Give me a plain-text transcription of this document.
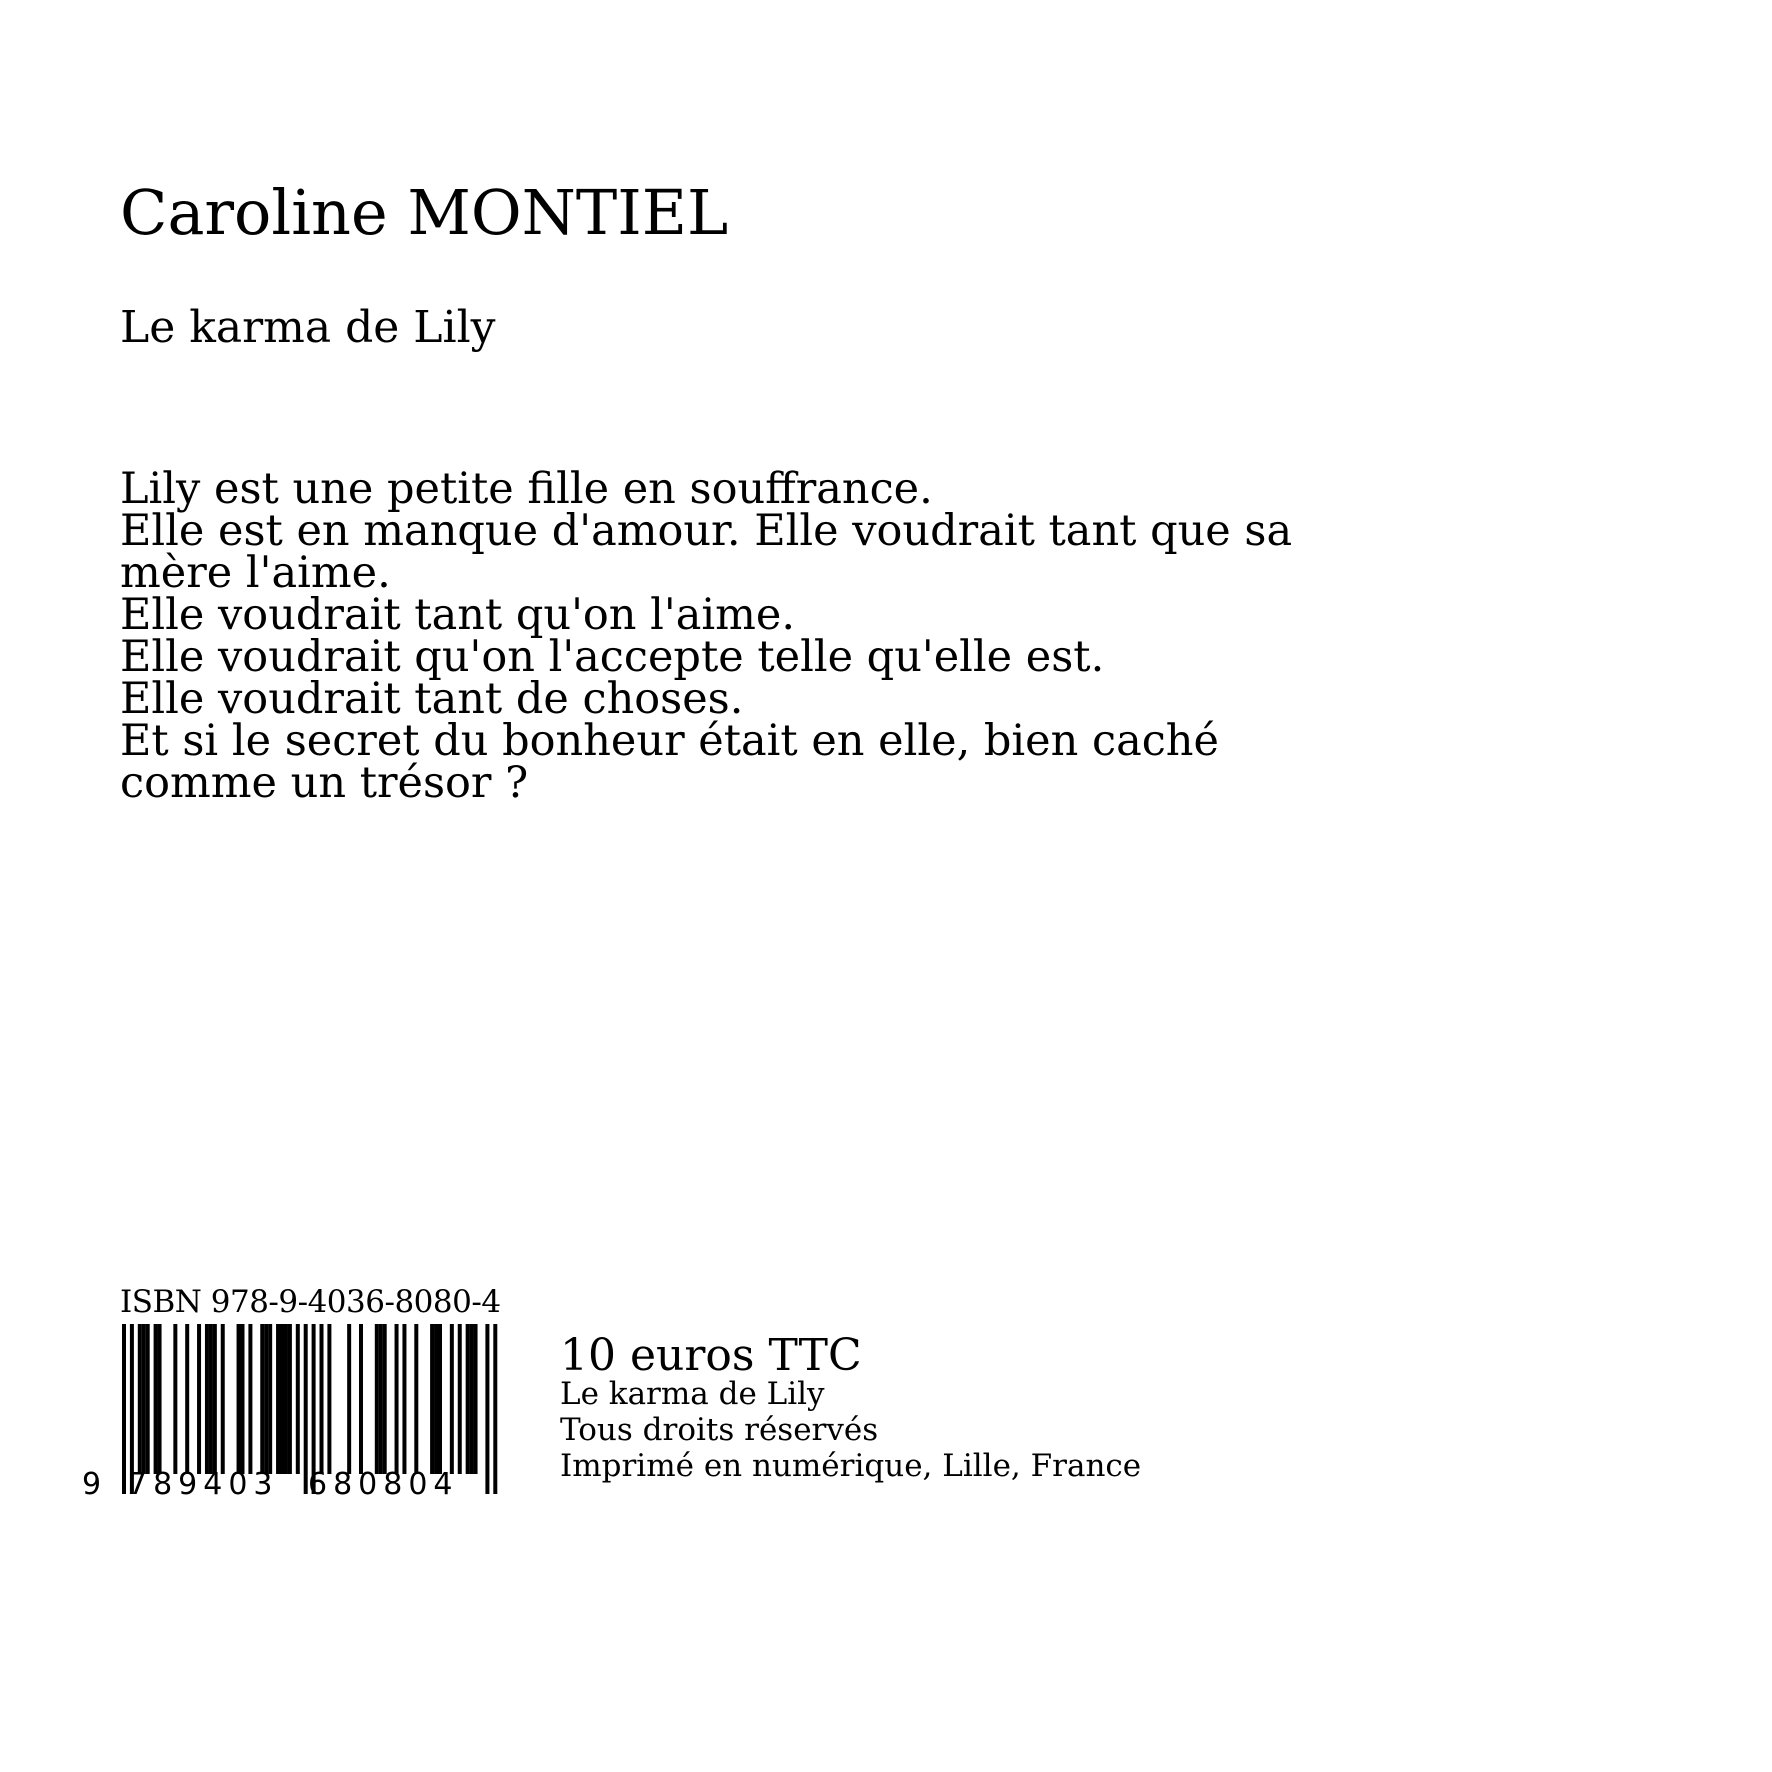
Caroline MONTIEL
Le karma de Lily
Lily est une petite fille en souffrance.
Elle est en manque d'amour. Elle voudrait tant que sa
mère l'aime.
Elle voudrait tant qu'on l'aime.
Elle voudrait qu'on l'accepte telle qu'elle est.
Elle voudrait tant de choses.
Et si le secret du bonheur était en elle, bien caché
comme un trésor ?
ISBN 978-9-4036-8080-4
9 789403 680804
10 euros TTC
Le karma de Lily
Tous droits réservés
Imprimé en numérique, Lille, France
